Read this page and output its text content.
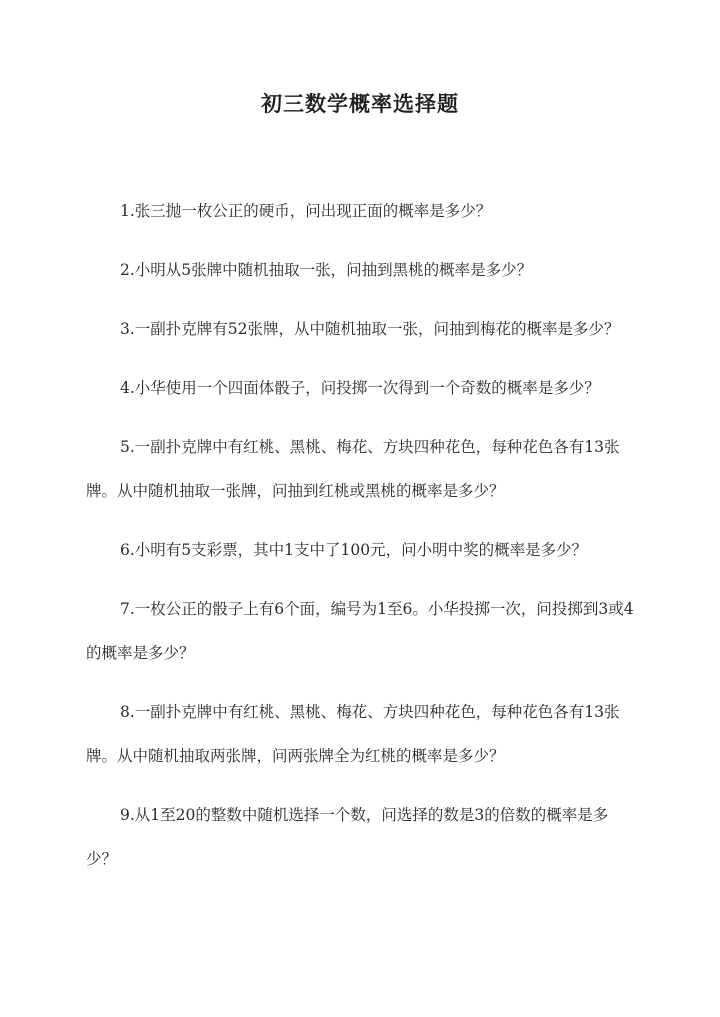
初三数学概率选择题

1.张三抛一枚公正的硬币，问出现正面的概率是多少？

2.小明从5张牌中随机抽取一张，问抽到黑桃的概率是多少？

3.一副扑克牌有52张牌，从中随机抽取一张，问抽到梅花的概率是多少？

4.小华使用一个四面体骰子，问投掷一次得到一个奇数的概率是多少？

5.一副扑克牌中有红桃、黑桃、梅花、方块四种花色，每种花色各有13张牌。从中随机抽取一张牌，问抽到红桃或黑桃的概率是多少？

6.小明有5支彩票，其中1支中了100元，问小明中奖的概率是多少？

7.一枚公正的骰子上有6个面，编号为1至6。小华投掷一次，问投掷到3或4的概率是多少？

8.一副扑克牌中有红桃、黑桃、梅花、方块四种花色，每种花色各有13张牌。从中随机抽取两张牌，问两张牌全为红桃的概率是多少？

9.从1至20的整数中随机选择一个数，问选择的数是3的倍数的概率是多少？
